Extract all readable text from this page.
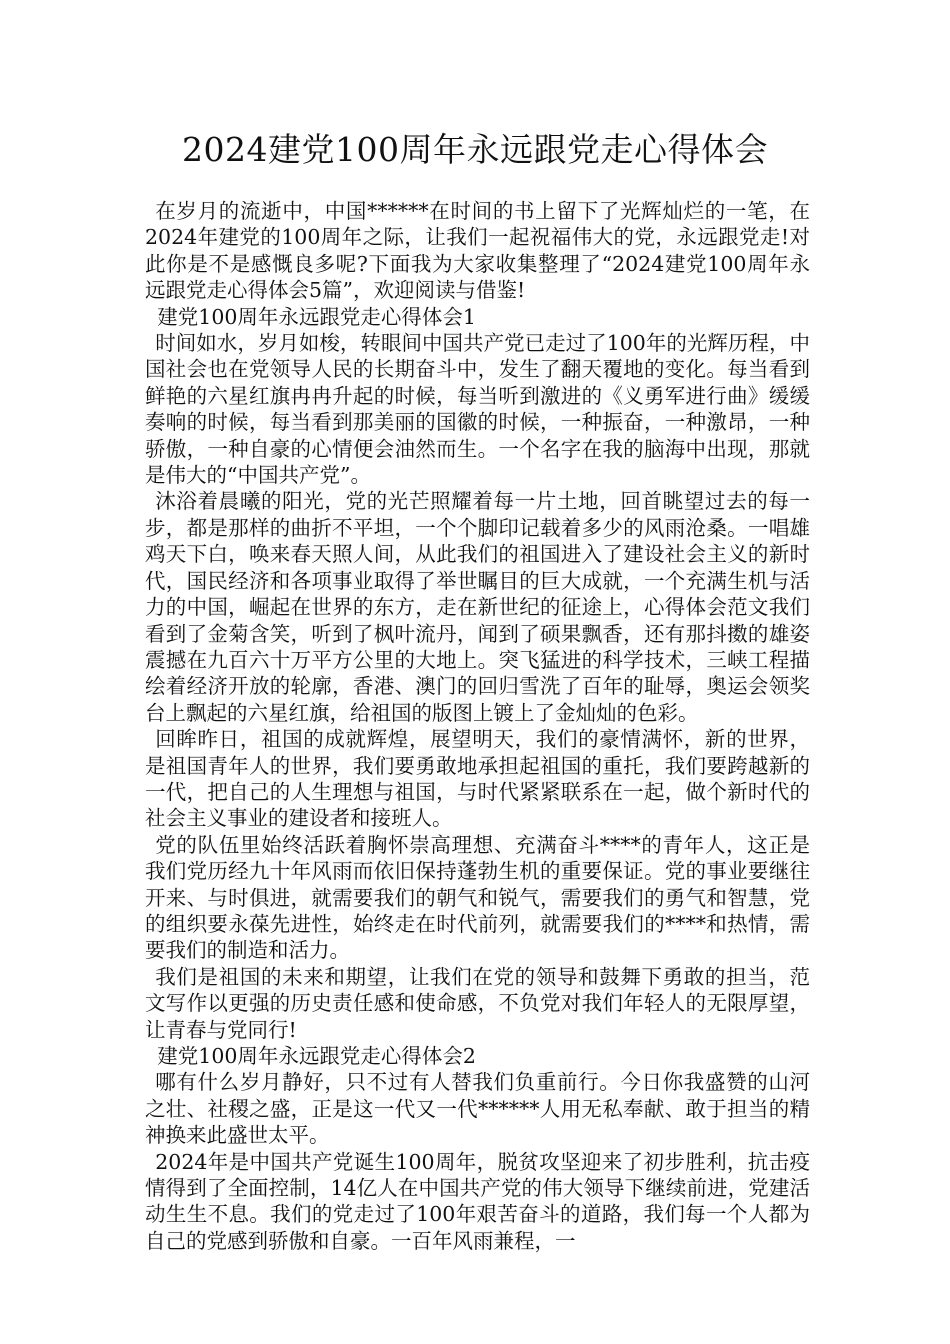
2024建党100周年永远跟党走心得体会

在岁月的流逝中，中国******在时间的书上留下了光辉灿烂的一笔，在2024年建党的100周年之际，让我们一起祝福伟大的党，永远跟党走!对此你是不是感慨良多呢?下面我为大家收集整理了“2024建党100周年永远跟党走心得体会5篇”，欢迎阅读与借鉴!

建党100周年永远跟党走心得体会1

时间如水，岁月如梭，转眼间中国共产党已走过了100年的光辉历程，中国社会也在党领导人民的长期奋斗中，发生了翻天覆地的变化。每当看到鲜艳的六星红旗冉冉升起的时候，每当听到激进的《义勇军进行曲》缓缓奏响的时候，每当看到那美丽的国徽的时候，一种振奋，一种激昂，一种骄傲，一种自豪的心情便会油然而生。一个名字在我的脑海中出现，那就是伟大的“中国共产党”。

沐浴着晨曦的阳光，党的光芒照耀着每一片土地，回首眺望过去的每一步，都是那样的曲折不平坦，一个个脚印记载着多少的风雨沧桑。一唱雄鸡天下白，唤来春天照人间，从此我们的祖国进入了建设社会主义的新时代，国民经济和各项事业取得了举世瞩目的巨大成就，一个充满生机与活力的中国，崛起在世界的东方，走在新世纪的征途上，心得体会范文我们看到了金菊含笑，听到了枫叶流丹，闻到了硕果飘香，还有那抖擞的雄姿震撼在九百六十万平方公里的大地上。突飞猛进的科学技术，三峡工程描绘着经济开放的轮廓，香港、澳门的回归雪洗了百年的耻辱，奥运会领奖台上飘起的六星红旗，给祖国的版图上镀上了金灿灿的色彩。

回眸昨日，祖国的成就辉煌，展望明天，我们的豪情满怀，新的世界，是祖国青年人的世界，我们要勇敢地承担起祖国的重托，我们要跨越新的一代，把自己的人生理想与祖国，与时代紧紧联系在一起，做个新时代的社会主义事业的建设者和接班人。

党的队伍里始终活跃着胸怀崇高理想、充满奋斗****的青年人，这正是我们党历经九十年风雨而依旧保持蓬勃生机的重要保证。党的事业要继往开来、与时俱进，就需要我们的朝气和锐气，需要我们的勇气和智慧，党的组织要永葆先进性，始终走在时代前列，就需要我们的****和热情，需要我们的制造和活力。

我们是祖国的未来和期望，让我们在党的领导和鼓舞下勇敢的担当，范文写作以更强的历史责任感和使命感，不负党对我们年轻人的无限厚望，让青春与党同行!

建党100周年永远跟党走心得体会2

哪有什么岁月静好，只不过有人替我们负重前行。今日你我盛赞的山河之壮、社稷之盛，正是这一代又一代******人用无私奉献、敢于担当的精神换来此盛世太平。

2024年是中国共产党诞生100周年，脱贫攻坚迎来了初步胜利，抗击疫情得到了全面控制，14亿人在中国共产党的伟大领导下继续前进，党建活动生生不息。我们的党走过了100年艰苦奋斗的道路，我们每一个人都为自己的党感到骄傲和自豪。一百年风雨兼程，一
